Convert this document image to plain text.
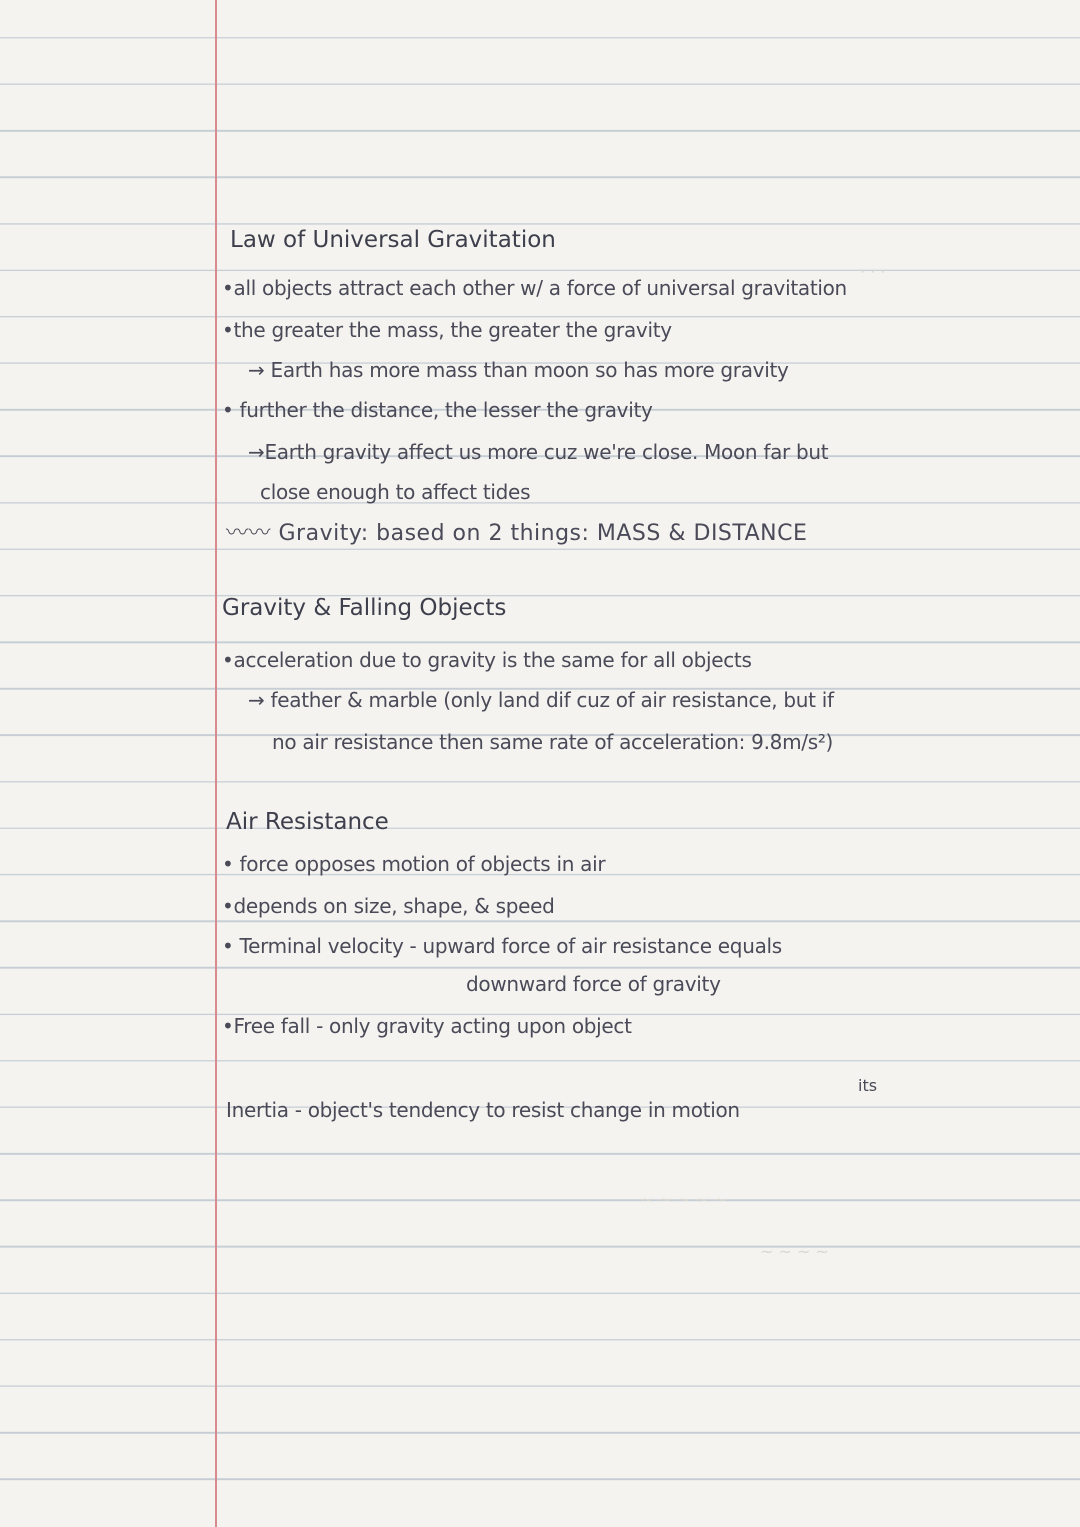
· · ·
~ ~ ~ ~ ~
~ ~ ~ ~
Law of Universal Gravitation
•all objects attract each other w/ a force of universal gravitation
•the greater the mass, the greater the gravity
→ Earth has more mass than moon so has more gravity
• further the distance, the lesser the gravity
→Earth gravity affect us more cuz we're close. Moon far but
close enough to affect tides
〰〰 Gravity: based on 2 things: MASS & DISTANCE
Gravity & Falling Objects
•acceleration due to gravity is the same for all objects
→ feather & marble (only land dif cuz of air resistance, but if
no air resistance then same rate of acceleration: 9.8m/s²)
Air Resistance
• force opposes motion of objects in air
•depends on size, shape, & speed
• Terminal velocity - upward force of air resistance equals
downward force of gravity
•Free fall - only gravity acting upon object
its
Inertia - object's tendency to resist change in motion
